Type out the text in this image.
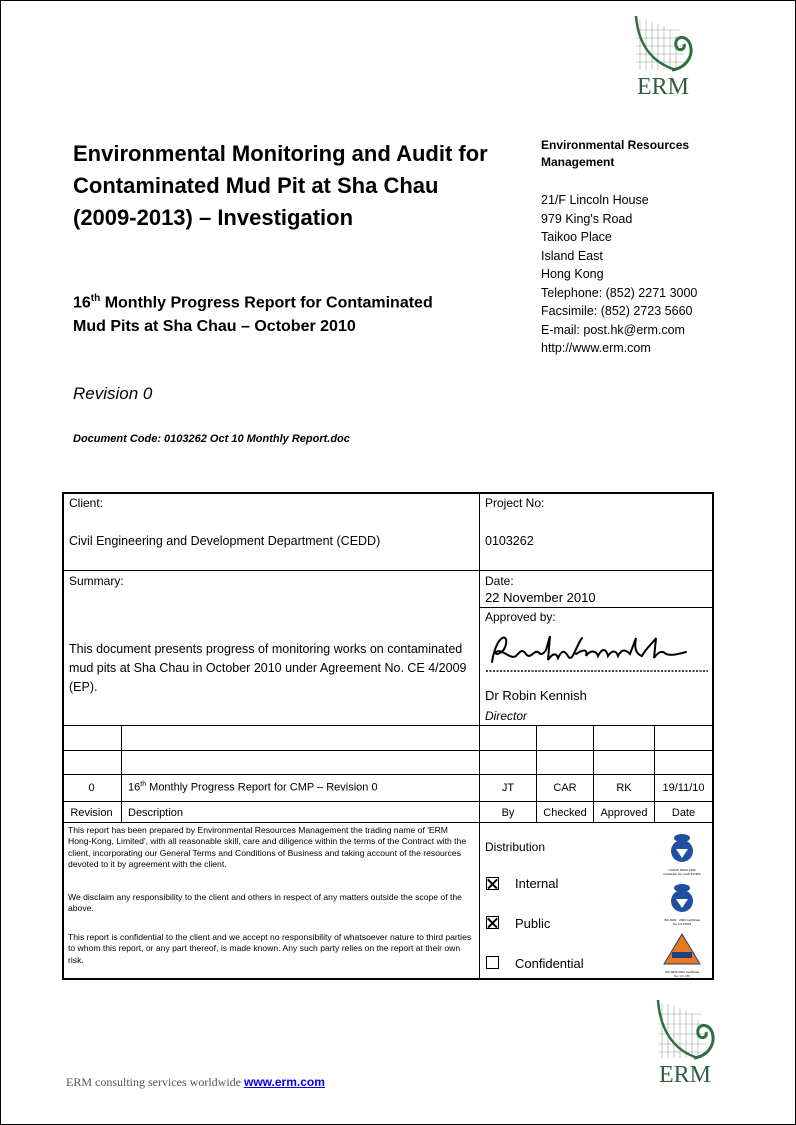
ERM
Environmental Monitoring and Audit for Contaminated Mud Pit at Sha Chau (2009-2013) – Investigation
16th Monthly Progress Report for Contaminated Mud Pits at Sha Chau – October 2010
Revision 0
Document Code: 0103262 Oct 10 Monthly Report.doc
Environmental Resources Management
21/F Lincoln House
979 King's Road
Taikoo Place
Island East
Hong Kong
Telephone: (852) 2271 3000
Facsimile: (852) 2723 5660
E-mail: post.hk@erm.com
http://www.erm.com
Client:
Civil Engineering and Development Department (CEDD)
Project No:
0103262
Summary:
This document presents progress of monitoring works on contaminated mud pits at Sha Chau in October 2010 under Agreement No. CE 4/2009 (EP).
Date:
22 November 2010
Approved by:
Dr Robin Kennish
Director
0	16th Monthly Progress Report for CMP – Revision 0	JT	CAR	RK	19/11/10
Revision	Description	By	Checked	Approved	Date
Distribution
Internal
Public
Confidential
OHSAS 18001:1999 Certificate No: OHS 517956
ISO 9001 : 2000 Certificate No: FS 32515
ISO 9001:2000 Certificate No: CC 479
This report has been prepared by Environmental Resources Management the trading name of 'ERM Hong-Kong, Limited', with all reasonable skill, care and diligence within the terms of the Contract with the client, incorporating our General Terms and Conditions of Business and taking account of the resources devoted to it by agreement with the client.
We disclaim any responsibility to the client and others in respect of any matters outside the scope of the above.
This report is confidential to the client and we accept no responsibility of whatsoever nature to third parties to whom this report, or any part thereof, is made known. Any such party relies on the report at their own risk.
ERM
ERM consulting services worldwide www.erm.com
